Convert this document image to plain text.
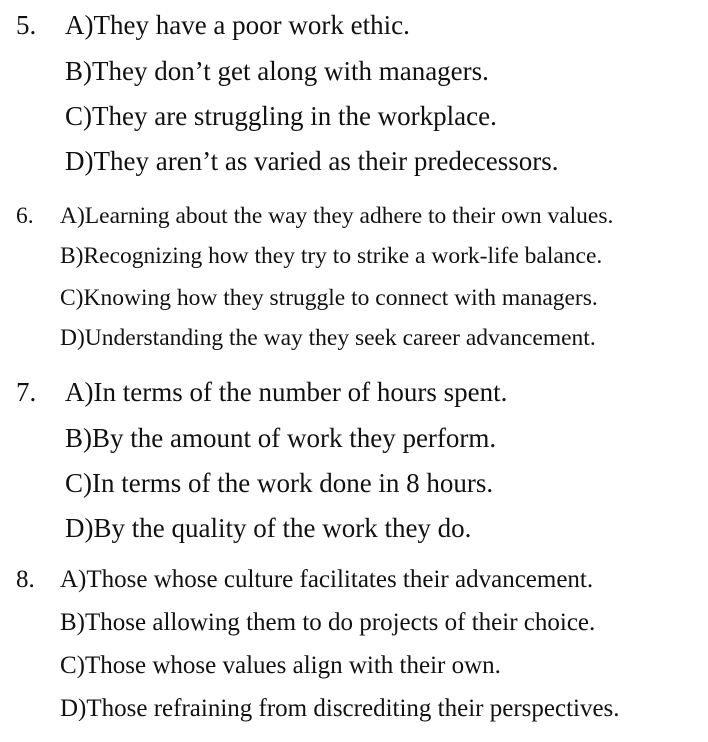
5. A)They have a poor work ethic.
B)They don’t get along with managers.
C)They are struggling in the workplace.
D)They aren’t as varied as their predecessors.
6. A)Learning about the way they adhere to their own values.
B)Recognizing how they try to strike a work-life balance.
C)Knowing how they struggle to connect with managers.
D)Understanding the way they seek career advancement.
7. A)In terms of the number of hours spent.
B)By the amount of work they perform.
C)In terms of the work done in 8 hours.
D)By the quality of the work they do.
8. A)Those whose culture facilitates their advancement.
B)Those allowing them to do projects of their choice.
C)Those whose values align with their own.
D)Those refraining from discrediting their perspectives.
